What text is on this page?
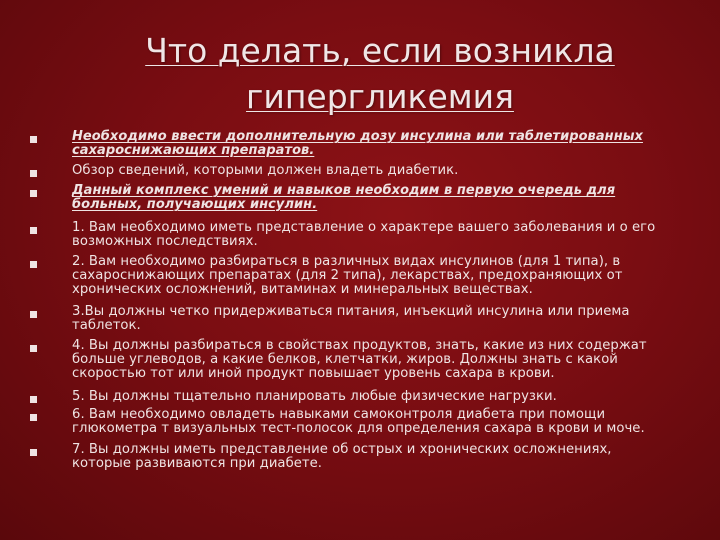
Что делать, если возникла
гипергликемия
Необходимо ввести дополнительную дозу инсулина или таблетированных сахароснижающих препаратов.
Обзор сведений, которыми должен владеть диабетик.
Данный комплекс умений и навыков необходим в первую очередь для больных, получающих инсулин.
1. Вам необходимо иметь представление о характере вашего заболевания и о его возможных последствиях.
2. Вам необходимо разбираться в различных видах инсулинов (для 1 типа), в сахароснижающих препаратах (для 2 типа), лекарствах, предохраняющих от хронических осложнений, витаминах и минеральных веществах.
3.Вы должны четко придерживаться питания, инъекций инсулина или приема таблеток.
4. Вы должны разбираться в свойствах продуктов, знать, какие из них содержат больше углеводов, а какие белков, клетчатки, жиров. Должны знать с какой скоростью тот или иной продукт повышает уровень сахара в крови.
5. Вы должны тщательно планировать любые физические нагрузки.
6. Вам необходимо овладеть навыками самоконтроля диабета при помощи глюкометра т визуальных тест-полосок для определения сахара в крови и моче.
7. Вы должны иметь представление об острых и хронических осложнениях, которые развиваются при диабете.
